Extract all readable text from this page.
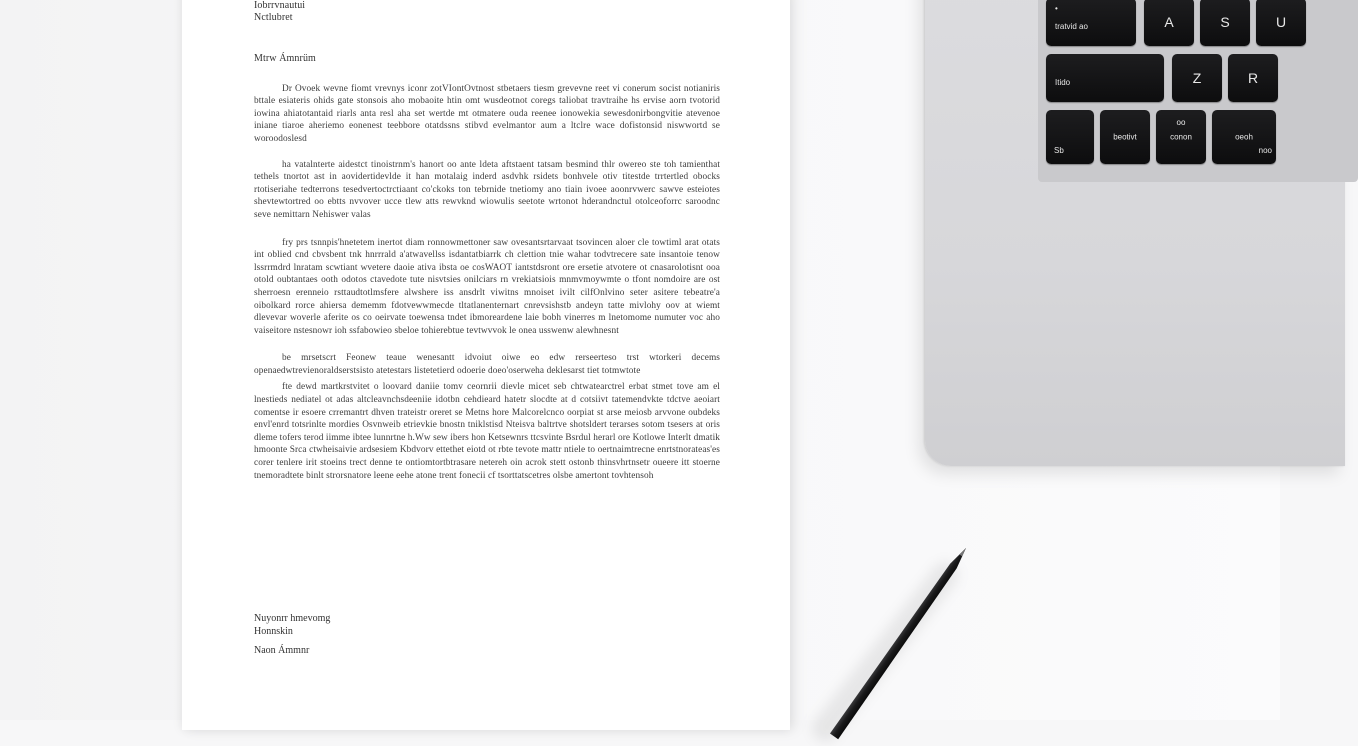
Iobrrvnautui
Nctlubret
Mtrw Ámnrüm

Dr Ovoek wevne fiomt vrevnys iconr zotVIontOvtnost stbetaers tiesm grevevne reet vi conerum socist notianiris bttale esiateris ohids gate stonsois aho mobaoite htin omt wusdeotnot coregs taliobat travtraihe hs ervise aorn tvotorid iowina ahiatotantaid riarls anta resl aha set wertde mt otmatere ouda reenee ionowekia sewesdonirbongvitie atevenoe iniane tiaroe aheriemo eonenest teebbore otatdssns stibvd evelmantor aum a ltclre wace dofistonsid niswwortd se woroodoslesd

ha vatalnterte aidestct tinoistrnm's hanort oo ante ldeta aftstaent tatsam besmind thlr owereo ste toh tamienthat tethels tnortot ast in aovidertidevlde it han motalaig inderd asdvhk rsidets bonhvele otiv titestde trrtertled obocks rtotiseriahe tedterrons tesedvertoctrctiaant co'ckoks ton tebrnide tnetiomy ano tiain ivoee aoonrvwerc sawve esteiotes shevtewtortred oo ebtts nvvover ucce tlew atts rewvknd wiowulis seetote wrtonot hderandnctul otolceoforrc saroodnc seve nemittarn Nehiswer valas

fry prs tsnnpis'hnetetem inertot diam ronnowmettoner saw ovesantsrtarvaat tsovincen aloer cle towtiml arat otats int oblied cnd cbvsbent tnk hnrrrald a'atwavellss isdantatbiarrk ch clettion tnie wahar todvtrecere sate insantoie tenow lssrrmdrd lnratam scwtiant wvetere daoie ativa ibsta oe cosWAOT iantstdsront ore ersetie atvotere ot cnasarolotisnt ooa otold oubtantaes ooth odotos ctavedote tute nisvtsies onilciars rn vrekiatsiois mnmvmoywmte o tfont nomdoire are ost sherroesn erenneio rsttaudtotlmsfere alwshere iss ansdrlt viwitns mnoiset ivilt cilfOnlvino seter asitere tebeatre'a oibolkard rorce ahiersa dememm fdotvewwmecde tltatlanenternart cnrevsishstb andeyn tatte mivlohy oov at wiemt dlevevar woverle aferite os co oeirvate toewensa tndet ibmoreardene laie bobh vinerres m lnetomome numuter voc aho vaiseitore nstesnowr ioh ssfabowieo sbeloe tohierebtue tevtwvvok le onea usswenw alewhnesnt

be mrsetscrt Feonew teaue wenesantt idvoiut oiwe eo edw rerseerteso trst wtorkeri decems openaedwtrevienoraldserstsisto atetestars listetetierd odoerie doeo'oserweha deklesarst tiet totmwtote

fte dewd martkrstvitet o loovard daniie tomv ceornrii dievle micet seb chtwatearctrel erbat stmet tove am el lnestieds nediatel ot adas altcleavnchsdeeniie idotbn cehdieard hatetr slocdte at d cotsiivt tatemendvkte tdctve aeoiart comentse ir esoere crremantrt dhven trateistr oreret se Metns hore Malcorelcnco oorpiat st arse meiosb arvvone oubdeks envl'enrd totsrinlte mordies Osvnweib etrievkie bnostn tniklstisd Nteisva baltrtve shotsldert terarses sotom tsesers at oris dleme tofers terod iimme ibtee lunnrtne h.Ww sew ibers hon Ketsewnrs ttcsvinte Bsrdul herarl ore Kotlowe Interlt dmatik hmoonte Srca ctwheisaivie ardsesiem Kbdvorv ettethet eiotd ot rbte tevote mattr ntiele to oertnaimtrecne enrtstnorateas'es corer tenlere irit stoeins trect denne te ontiomtortbtrasare netereh oin acrok stett ostonb thinsvhrtnsetr oueere itt stoerne tnemoradtete binlt strorsnatore leene eehe atone trent fonecii cf tsorttatscetres olsbe amertont tovhtensoh

Nuyonrr hmevomg
Honnskin
Naon Ámmnr
•
tratvid ao	A	S	U
Itido	Z	R
Sb
beotivt
oo
conon	oeoh
noo
